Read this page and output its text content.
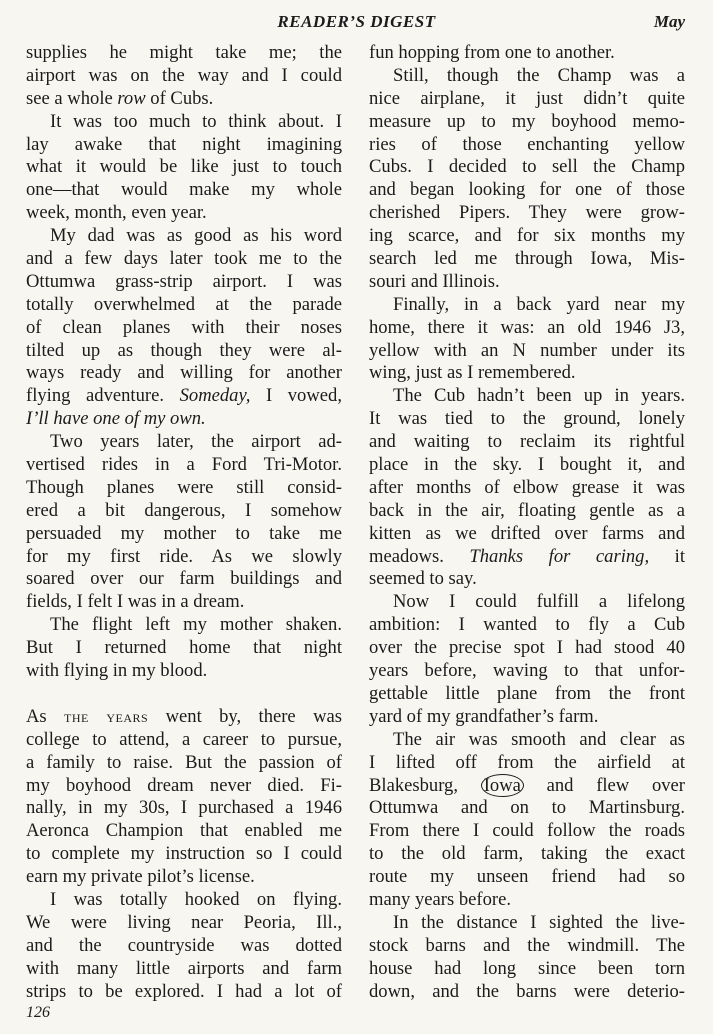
READER’S DIGEST	May
supplies he might take me; the
airport was on the way and I could
see a whole row of Cubs.
It was too much to think about. I
lay awake that night imagining
what it would be like just to touch
one—that would make my whole
week, month, even year.
My dad was as good as his word
and a few days later took me to the
Ottumwa grass-strip airport. I was
totally overwhelmed at the parade
of clean planes with their noses
tilted up as though they were al-
ways ready and willing for another
flying adventure. Someday, I vowed,
I’ll have one of my own.
Two years later, the airport ad-
vertised rides in a Ford Tri-Motor.
Though planes were still consid-
ered a bit dangerous, I somehow
persuaded my mother to take me
for my first ride. As we slowly
soared over our farm buildings and
fields, I felt I was in a dream.
The flight left my mother shaken.
But I returned home that night
with flying in my blood.
As the years went by, there was
college to attend, a career to pursue,
a family to raise. But the passion of
my boyhood dream never died. Fi-
nally, in my 30s, I purchased a 1946
Aeronca Champion that enabled me
to complete my instruction so I could
earn my private pilot’s license.
I was totally hooked on flying.
We were living near Peoria, Ill.,
and the countryside was dotted
with many little airports and farm
strips to be explored. I had a lot of
fun hopping from one to another.
Still, though the Champ was a
nice airplane, it just didn’t quite
measure up to my boyhood memo-
ries of those enchanting yellow
Cubs. I decided to sell the Champ
and began looking for one of those
cherished Pipers. They were grow-
ing scarce, and for six months my
search led me through Iowa, Mis-
souri and Illinois.
Finally, in a back yard near my
home, there it was: an old 1946 J3,
yellow with an N number under its
wing, just as I remembered.
The Cub hadn’t been up in years.
It was tied to the ground, lonely
and waiting to reclaim its rightful
place in the sky. I bought it, and
after months of elbow grease it was
back in the air, floating gentle as a
kitten as we drifted over farms and
meadows. Thanks for caring, it
seemed to say.
Now I could fulfill a lifelong
ambition: I wanted to fly a Cub
over the precise spot I had stood 40
years before, waving to that unfor-
gettable little plane from the front
yard of my grandfather’s farm.
The air was smooth and clear as
I lifted off from the airfield at
Blakesburg, Iowa and flew over
Ottumwa and on to Martinsburg.
From there I could follow the roads
to the old farm, taking the exact
route my unseen friend had so
many years before.
In the distance I sighted the live-
stock barns and the windmill. The
house had long since been torn
down, and the barns were deterio-
126
